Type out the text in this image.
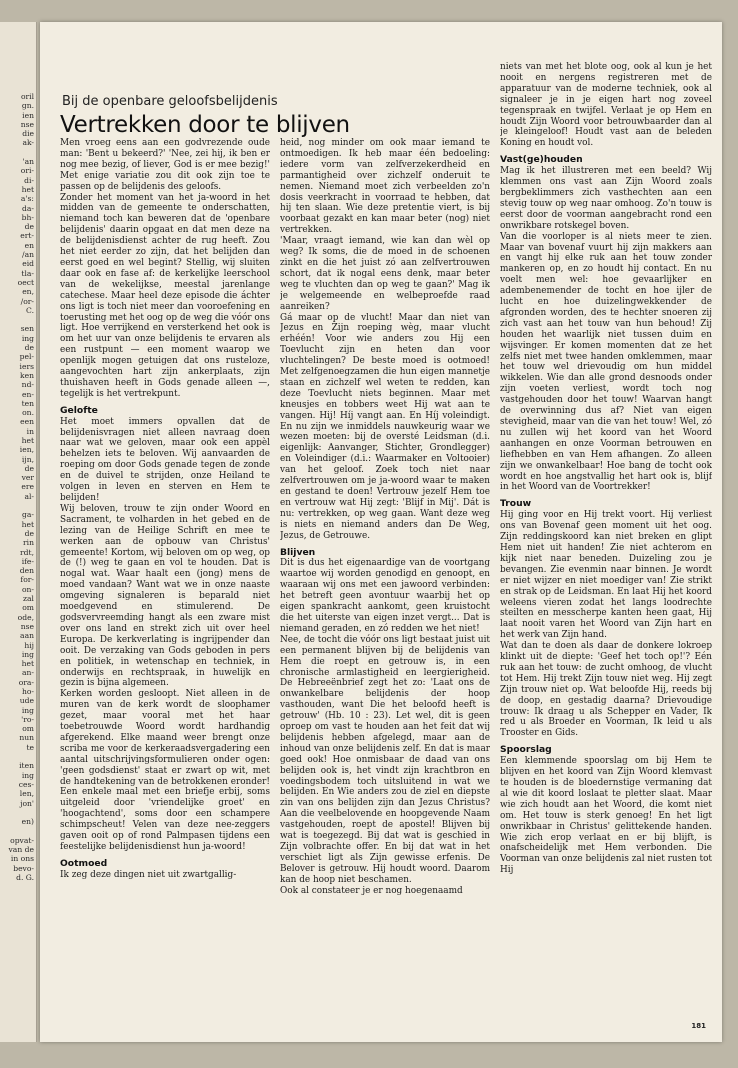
oril
gn.
ien
nse
die
ak-

'an
ori-
di-
het
a's:
da-
bh-
de
ert-
en
/an
eid
tla-
oect
en,
/or-
C.

sen
ing
de
pel-
iers
ken
nd-
en-
ten
on.
een
in
het
ien,
ijn,
de
ver
ere
al-

ga-
het
de
rin
rdt,
ife-
den
for-
on-
zal
om
ode,
nse
aan
hij
ing
het
an-
ora-
ho-
ude
ing
'ro-
om
nun
te

iten
ing
ces-
len,
jon'

en)

opvat-
van de
in ons
bevo-
d. G.
Bij de openbare geloofsbelijdenis
Vertrekken door te blijven

Men vroeg eens aan een godvrezende oude man: 'Bent u bekeerd?' 'Nee, zei hij, ik ben er nog mee bezig, of liever, God is er mee bezig!' Met enige variatie zou dit ook zijn toe te passen op de belijdenis des geloofs.

Zonder het moment van het ja-woord in het midden van de gemeente te onderschatten, niemand toch kan beweren dat de 'openbare belijdenis' daarin opgaat en dat men deze na de belijdenisdienst achter de rug heeft. Zou het niet eerder zo zijn, dat het belijden dan eerst goed en wel begint? Stellig, wij sluiten daar ook en fase af: de kerkelijke leerschool van de wekelijkse, meestal jarenlange catechese. Maar heel deze episode die áchter ons ligt is toch niet meer dan vooroefening en toerusting met het oog op de weg die vóór ons ligt. Hoe verrijkend en versterkend het ook is om het uur van onze belijdenis te ervaren als een rustpunt — een moment waarop we openlijk mogen getuigen dat ons rusteloze, aangevochten hart zijn ankerplaats, zijn thuishaven heeft in Gods genade alleen —, tegelijk is het vertrekpunt.

Gelofte

Het moet immers opvallen dat de belijdenisvragen niet alleen navraag doen naar wat we geloven, maar ook een appèl behelzen iets te beloven. Wij aanvaarden de roeping om door Gods genade tegen de zonde en de duivel te strijden, onze Heiland te volgen in leven en sterven en Hem te belijden!

Wij beloven, trouw te zijn onder Woord en Sacrament, te volharden in het gebed en de lezing van de Heilige Schrift en mee te werken aan de opbouw van Christus' gemeente! Kortom, wij beloven om op weg, op de (!) weg te gaan en vol te houden. Dat is nogal wat. Waar haalt een (jong) mens de moed vandaan? Want wat we in onze naaste omgeving signaleren is beparald niet moedgevend en stimulerend. De godsvervreemding hangt als een zware mist over ons land en strekt zich uit over heel Europa. De kerkverlating is ingrijpender dan ooit. De verzaking van Gods geboden in pers en politiek, in wetenschap en techniek, in onderwijs en rechtspraak, in huwelijk en gezin is bijna algemeen.

Kerken worden gesloopt. Niet alleen in de muren van de kerk wordt de sloophamer gezet, maar vooral met het haar toebetrouwde Woord wordt hardhandig afgerekend. Elke maand weer brengt onze scriba me voor de kerkeraadsvergadering een aantal uitschrijvingsformulieren onder ogen: 'geen godsdienst' staat er zwart op wit, met de handtekening van de betrokkenen eronder! Een enkele maal met een briefje erbij, soms uitgeleid door 'vriendelijke groet' en 'hoogachtend', soms door een schampere schimpscheut! Velen van deze nee-zeggers gaven ooit op of rond Palmpasen tijdens een feestelijke belijdenisdienst hun ja-woord!

Ootmoed

Ik zeg deze dingen niet uit zwartgallig-

heid, nog minder om ook maar iemand te ontmoedigen. Ik heb maar één bedoeling: iedere vorm van zelfverzekerdheid en parmantigheid over zichzelf onderuit te nemen. Niemand moet zich verbeelden zo'n dosis veerkracht in voorraad te hebben, dat hij ten slaan. Wie deze pretentie viert, is bij voorbaat gezakt en kan maar beter (nog) niet vertrekken.

'Maar, vraagt iemand, wie kan dan wèl op weg? Ik soms, die de moed in de schoenen zinkt en die het juist zó aan zelfvertrouwen schort, dat ik nogal eens denk, maar beter weg te vluchten dan op weg te gaan?' Mag ik je welgemeende en welbeproefde raad aanreiken?

Gá maar op de vlucht! Maar dan niet van Jezus en Zijn roeping wèg, maar vlucht erhéén! Voor wie anders zou Hij een Toevlucht zijn en heten dan voor vluchtelingen? De beste moed is ootmoed! Met zelfgenoegzamen die hun eigen mannetje staan en zichzelf wel weten te redden, kan deze Toevlucht niets beginnen. Maar met kneusjes en tobbers weet Hij wat aan te vangen. Hij! Híj vangt aan. En Híj voleindigt. En nu zijn we inmiddels nauwkeurig waar we wezen moeten: bij de oversté Leidsman (d.i. eigenlijk: Aanvanger, Stichter, Grondlegger) en Voleindiger (d.i.: Waarmaker en Voltooier) van het geloof. Zoek toch niet naar zelfvertrouwen om je ja-woord waar te maken en gestand te doen! Vertrouw jezelf Hem toe en vertrouw wat Hij zegt: 'Blijf in Mij'. Dát is nu: vertrekken, op weg gaan. Want deze weg is niets en niemand anders dan De Weg, Jezus, de Getrouwe.

Blijven

Dit is dus het eigenaardige van de voortgang waartoe wij worden genodigd en genoopt, en waaraan wij ons met een jawoord verbinden: het betreft geen avontuur waarbij het op eigen spankracht aankomt, geen kruistocht die het uiterste van eigen inzet vergt... Dat is niemand geraden, en zó redden we het niet!

Nee, de tocht die vóór ons ligt bestaat juist uit een permanent blijven bij de belijdenis van Hem die roept en getrouw is, in een chronische armlastigheid en leergierigheid. De Hebreeënbrief zegt het zo: 'Laat ons de onwankelbare belijdenis der hoop vasthouden, want Die het beloofd heeft is getrouw' (Hb. 10 : 23). Let wel, dit is geen oproep om vast te houden aan het feit dat wij belijdenis hebben afgelegd, maar aan de inhoud van onze belijdenis zelf. En dat is maar goed ook! Hoe onmisbaar de daad van ons belijden ook is, het vindt zijn krachtbron en voedingsbodem toch uitsluitend in wat we belijden. En Wie anders zou de ziel en diepste zin van ons belijden zijn dan Jezus Christus? Aan die veelbelovende en hoopgevende Naam vastgehouden, roept de apostel! Blijven bij wat is toegezegd. Bij dat wat is geschied in Zijn volbrachte offer. En bij dat wat in het verschiet ligt als Zijn gewisse erfenis. De Belover is getrouw. Hij houdt woord. Daarom kan de hoop niet beschamen.

Ook al constateer je er nog hoegenaamd

niets van met het blote oog, ook al kun je het nooit en nergens registreren met de apparatuur van de moderne techniek, ook al signaleer je in je eigen hart nog zoveel tegenspraak en twijfel. Verlaat je op Hem en houdt Zijn Woord voor betrouwbaarder dan al je kleingeloof! Houdt vast aan de beleden Koning en houdt vol.

Vast(ge)houden

Mag ik het illustreren met een beeld? Wij klemmen ons vast aan Zijn Woord zoals bergbeklimmers zich vasthechten aan een stevig touw op weg naar omhoog. Zo'n touw is eerst door de voorman aangebracht rond een onwrikbare rotskegel boven.

Van die voorloper is al niets meer te zien. Maar van bovenaf vuurt hij zijn makkers aan en vangt hij elke ruk aan het touw zonder mankeren op, en zo houdt hij contact. En nu voelt men wel: hoe gevaarlijker en adembenemender de tocht en hoe ijler de lucht en hoe duizelingwekkender de afgronden worden, des te hechter snoeren zij zich vast aan het touw van hun behoud! Zij houden het waarlijk niet tussen duim en wijsvinger. Er komen momenten dat ze het zelfs niet met twee handen omklemmen, maar het touw wel drievoudig om hun middel wikkelen. Wie dan alle grond desnoods onder zijn voeten verliest, wordt toch nog vastgehouden door het touw! Waarvan hangt de overwinning dus af? Niet van eigen stevigheid, maar van die van het touw! Wel, zó nu zullen wij het koord van het Woord aanhangen en onze Voorman betrouwen en liefhebben en van Hem afhangen. Zo alleen zijn we onwankelbaar! Hoe bang de tocht ook wordt en hoe angstvallig het hart ook is, blijf in het Woord van de Voortrekker!

Trouw

Hij ging voor en Hij trekt voort. Hij verliest ons van Bovenaf geen moment uit het oog. Zijn reddingskoord kan niet breken en glipt Hem niet uit handen! Zie niet achterom en kijk niet naar beneden. Duizeling zou je bevangen. Zie evenmin naar binnen. Je wordt er niet wijzer en niet moediger van! Zie strikt en strak op de Leidsman. En laat Hij het koord weleens vieren zodat het langs loodrechte steilten en messcherpe kanten heen gaat, Hij laat nooit varen het Woord van Zijn hart en het werk van Zijn hand.

Wat dan te doen als daar de donkere lokroep klinkt uit de diepte: 'Geef het toch op!'? Eén ruk aan het touw: de zucht omhoog, de vlucht tot Hem. Hij trekt Zijn touw niet weg. Hij zegt Zijn trouw niet op. Wat beloofde Hij, reeds bij de doop, en gestadig daarna? Drievoudige trouw: Ik draag u als Schepper en Vader, Ik red u als Broeder en Voorman, Ik leid u als Trooster en Gids.

Spoorslag

Een klemmende spoorslag om bij Hem te blijven en het koord van Zijn Woord klemvast te houden is de bloedernstige vermaning dat al wie dit koord loslaat te pletter slaat. Maar wie zich houdt aan het Woord, die komt niet om. Het touw is sterk genoeg! En het ligt onwrikbaar in Christus' gelittekende handen. Wie zich erop verlaat en er bij blijft, is onafscheidelijk met Hem verbonden. Die Voorman van onze belijdenis zal niet rusten tot Hij

181
